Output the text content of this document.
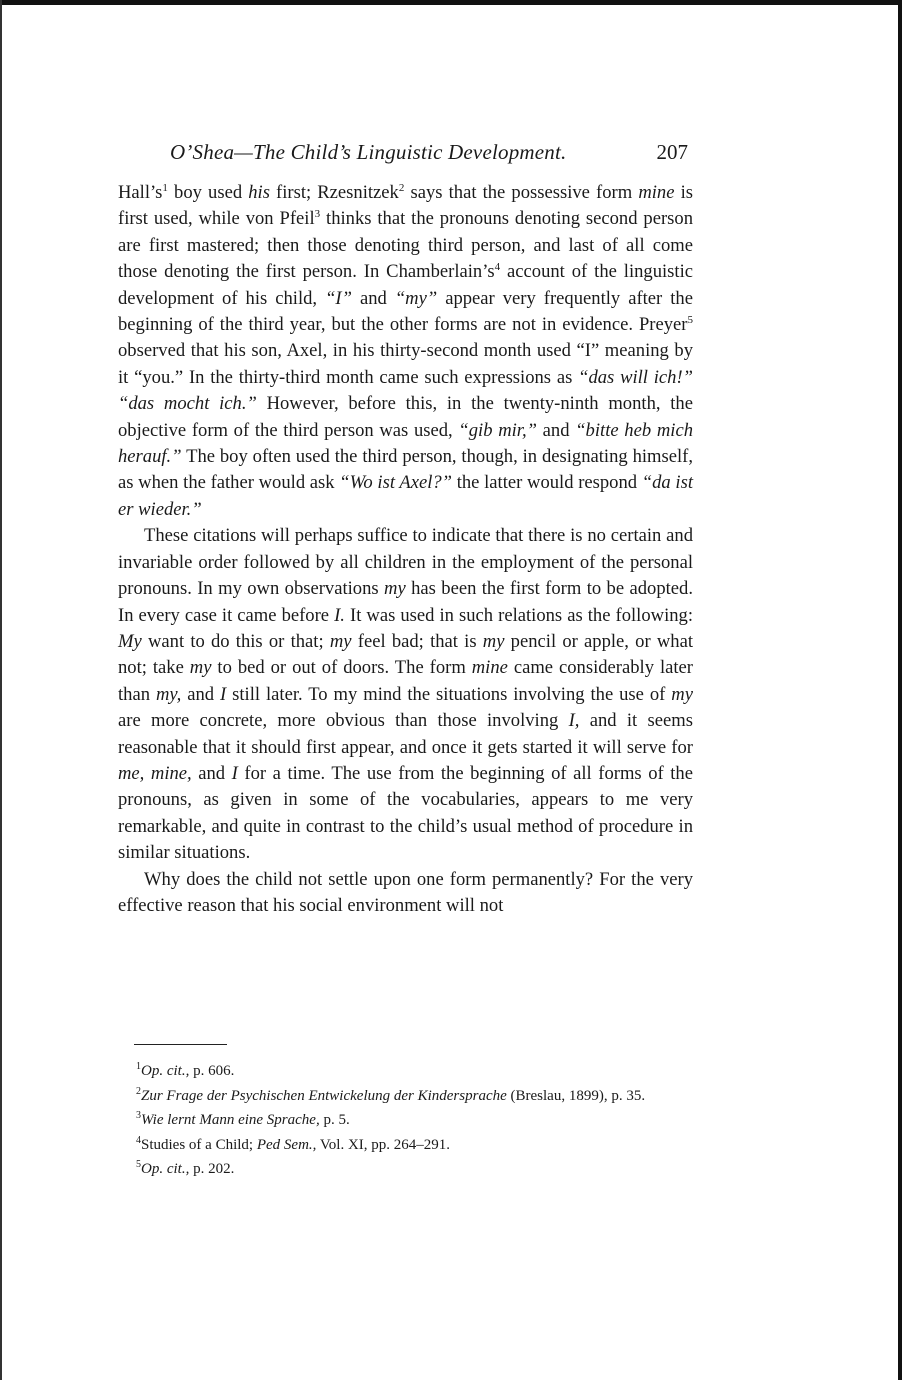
O’Shea—The Child’s Linguistic Development.	207

$Hall’s^1$ boy used his first; Rzesnitzek$^2$ says that the possessive form mine is first used, while von Pfeil$^3$ thinks that the pronouns denoting second person are first mastered; then those denoting third person, and last of all come those denoting the first person. In $Chamberlain’s^4$ account of the linguistic development of his child, “I” and “my” appear very frequently after the beginning of the third year, but the other forms are not in evidence. Preyer$^5$ observed that his son, Axel, in his thirty-second month used “I” meaning by it “you.” In the thirty-third month came such expressions as “das will ich!” “das mocht ich.” However, before this, in the twenty-ninth month, the objective form of the third person was used, “gib mir,” and “bitte heb mich herauf.” The boy often used the third person, though, in designating himself, as when the father would ask “Wo ist Axel?” the latter would respond “da ist er wieder.”

These citations will perhaps suffice to indicate that there is no certain and invariable order followed by all children in the employment of the personal pronouns. In my own observations my has been the first form to be adopted. In every case it came before I. It was used in such relations as the following: My want to do this or that; my feel bad; that is my pencil or apple, or what not; take my to bed or out of doors. The form mine came considerably later than my, and I still later. To my mind the situations involving the use of my are more concrete, more obvious than those involving I, and it seems reasonable that it should first appear, and once it gets started it will serve for me, mine, and I for a time. The use from the beginning of all forms of the pronouns, as given in some of the vocabularies, appears to me very remarkable, and quite in contrast to the child’s usual method of procedure in similar situations.

Why does the child not settle upon one form permanently? For the very effective reason that his social environment will not

$^1$Op. cit., p. 606.

$^2$Zur Frage der Psychischen Entwickelung der Kindersprache (Breslau, 1899), p. 35.

$^3$Wie lernt Mann eine Sprache, p. 5.

$^4$Studies of a Child; Ped Sem., Vol. XI, pp. 264–291.

$^5$Op. cit., p. 202.
